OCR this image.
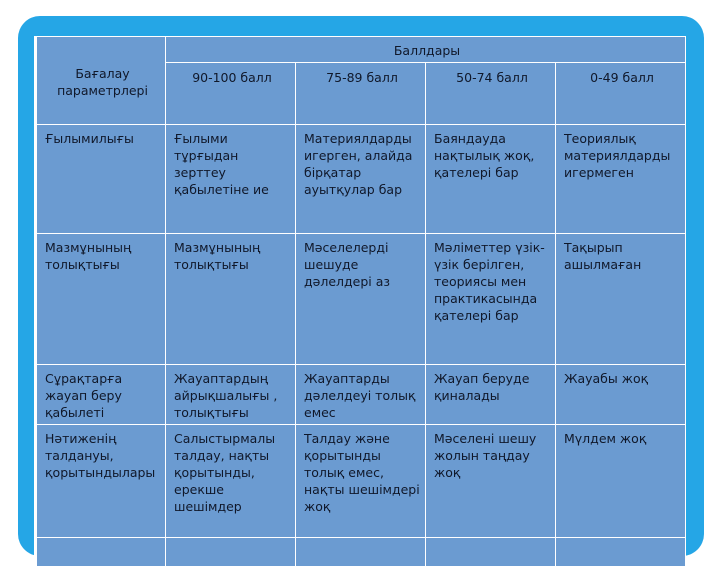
Бағалау параметрлері	Баллдары			
	90-100 балл	75-89 балл	50-74 балл	0-49 балл
Ғылымилығы	Ғылыми тұрғыдан зерттеу қабылетіне ие	Материялдарды игерген, алайда бірқатар ауытқулар бар	Баяндауда нақтылық жоқ, қателері бар	Теориялық материялдарды игермеген
Мазмұнының толықтығы	Мазмұнының толықтығы	Мәселелерді шешуде дәлелдері аз	Мәліметтер үзік-үзік берілген, теориясы мен практикасында қателері бар	Тақырып ашылмаған
Сұрақтарға жауап беру қабылеті	Жауаптардың айрықшалығы , толықтығы	Жауаптарды дәлелдеуі толық емес	Жауап беруде қиналады	Жауабы жоқ
Нәтиженің талдануы, қорытындылары	Салыстырмалы талдау, нақты қорытынды, ерекше шешімдер	Талдау және қорытынды толық емес, нақты шешімдері жоқ	Мәселені шешу жолын таңдау жоқ	Мүлдем жоқ
